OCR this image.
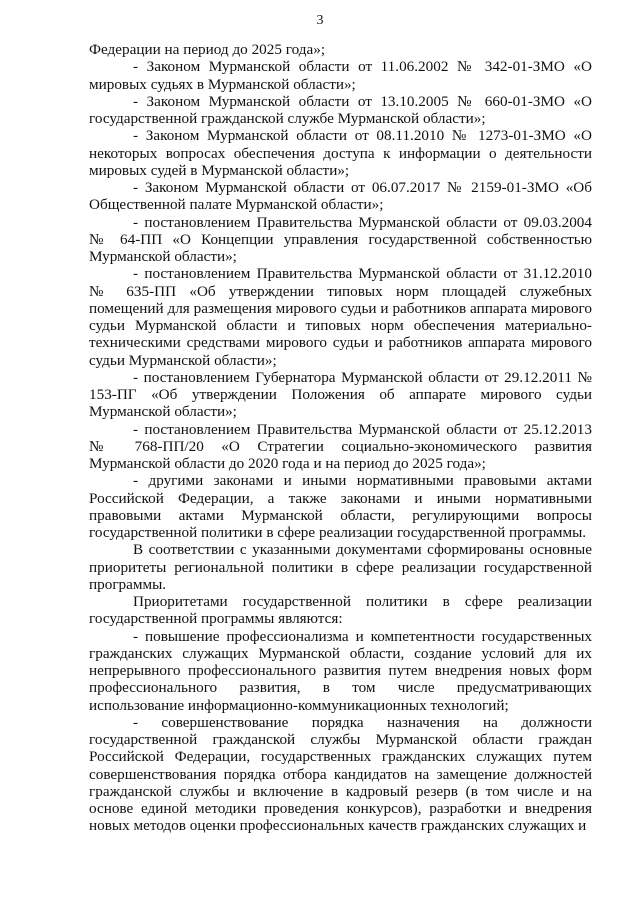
3

Федерации на период до 2025 года»;

- Законом Мурманской области от 11.06.2002 № 342-01-ЗМО «О мировых судьях в Мурманской области»;

- Законом Мурманской области от 13.10.2005 № 660-01-ЗМО «О государственной гражданской службе Мурманской области»;

- Законом Мурманской области от 08.11.2010 № 1273-01-ЗМО «О некоторых вопросах обеспечения доступа к информации о деятельности мировых судей в Мурманской области»;

- Законом Мурманской области от 06.07.2017 № 2159-01-ЗМО «Об Общественной палате Мурманской области»;

- постановлением Правительства Мурманской области от 09.03.2004 № 64-ПП «О Концепции управления государственной собственностью Мурманской области»;

- постановлением Правительства Мурманской области от 31.12.2010 № 635-ПП «Об утверждении типовых норм площадей служебных помещений для размещения мирового судьи и работников аппарата мирового судьи Мурманской области и типовых норм обеспечения материально-техническими средствами мирового судьи и работников аппарата мирового судьи Мурманской области»;

- постановлением Губернатора Мурманской области от 29.12.2011 № 153-ПГ «Об утверждении Положения об аппарате мирового судьи Мурманской области»;

- постановлением Правительства Мурманской области от 25.12.2013 № 768-ПП/20 «О Стратегии социально-экономического развития Мурманской области до 2020 года и на период до 2025 года»;

- другими законами и иными нормативными правовыми актами Российской Федерации, а также законами и иными нормативными правовыми актами Мурманской области, регулирующими вопросы государственной политики в сфере реализации государственной программы.

В соответствии с указанными документами сформированы основные приоритеты региональной политики в сфере реализации государственной программы.

Приоритетами государственной политики в сфере реализации государственной программы являются:

- повышение профессионализма и компетентности государственных гражданских служащих Мурманской области, создание условий для их непрерывного профессионального развития путем внедрения новых форм профессионального развития, в том числе предусматривающих использование информационно-коммуникационных технологий;

- совершенствование порядка назначения на должности государственной гражданской службы Мурманской области граждан Российской Федерации, государственных гражданских служащих путем совершенствования порядка отбора кандидатов на замещение должностей гражданской службы и включение в кадровый резерв (в том числе и на основе единой методики проведения конкурсов), разработки и внедрения новых методов оценки профессиональных качеств гражданских служащих и
